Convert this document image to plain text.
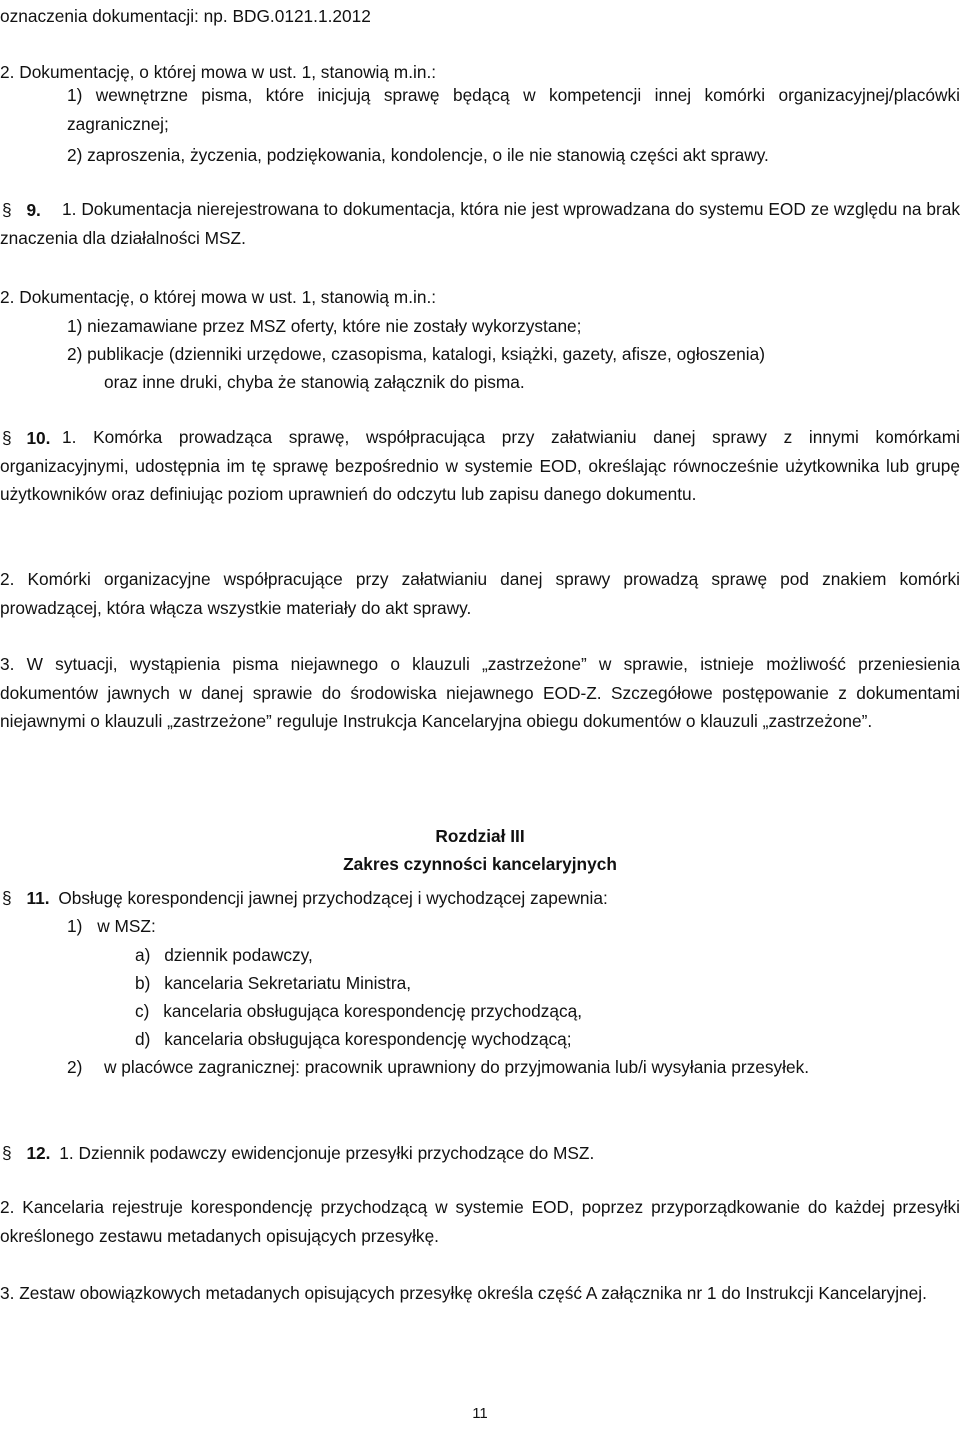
oznaczenia dokumentacji: np. BDG.0121.1.2012
2. Dokumentację, o której mowa w ust. 1, stanowią m.in.:
1) wewnętrzne pisma, które inicjują sprawę będącą w kompetencji innej komórki organizacyjnej/placówki zagranicznej;
2) zaproszenia, życzenia, podziękowania, kondolencje, o ile nie stanowią części akt sprawy.
§ 9.	1. Dokumentacja nierejestrowana to dokumentacja, która nie jest wprowadzana do systemu EOD ze względu na brak znaczenia dla działalności MSZ.
2. Dokumentację, o której mowa w ust. 1, stanowią m.in.:
1) niezamawiane przez MSZ oferty, które nie zostały wykorzystane;
2) publikacje (dzienniki urzędowe, czasopisma, katalogi, książki, gazety, afisze, ogłoszenia)
oraz inne druki, chyba że stanowią załącznik do pisma.
§ 10. 1. Komórka prowadząca sprawę, współpracująca przy załatwianiu danej sprawy z innymi komórkami organizacyjnymi, udostępnia im tę sprawę bezpośrednio w systemie EOD, określając równocześnie użytkownika lub grupę użytkowników oraz definiując poziom uprawnień do odczytu lub zapisu danego dokumentu.
2. Komórki organizacyjne współpracujące przy załatwianiu danej sprawy prowadzą sprawę pod znakiem komórki prowadzącej, która włącza wszystkie materiały do akt sprawy.
3. W sytuacji, wystąpienia pisma niejawnego o klauzuli „zastrzeżone” w sprawie, istnieje możliwość przeniesienia dokumentów jawnych w danej sprawie do środowiska niejawnego EOD-Z. Szczegółowe postępowanie z dokumentami niejawnymi o klauzuli „zastrzeżone” reguluje Instrukcja Kancelaryjna obiegu dokumentów o klauzuli „zastrzeżone”.
Rozdział III
Zakres czynności kancelaryjnych
§ 11. Obsługę korespondencji jawnej przychodzącej i wychodzącej zapewnia:
1) w MSZ:
a) dziennik podawczy,
b) kancelaria Sekretariatu Ministra,
c) kancelaria obsługująca korespondencję przychodzącą,
d) kancelaria obsługująca korespondencję wychodzącą;
2)	w placówce zagranicznej: pracownik uprawniony do przyjmowania lub/i wysyłania przesyłek.
§ 12. 1. Dziennik podawczy ewidencjonuje przesyłki przychodzące do MSZ.
2. Kancelaria rejestruje korespondencję przychodzącą w systemie EOD, poprzez przyporządkowanie do każdej przesyłki określonego zestawu metadanych opisujących przesyłkę.
3. Zestaw obowiązkowych metadanych opisujących przesyłkę określa część A załącznika nr 1 do Instrukcji Kancelaryjnej.
11
